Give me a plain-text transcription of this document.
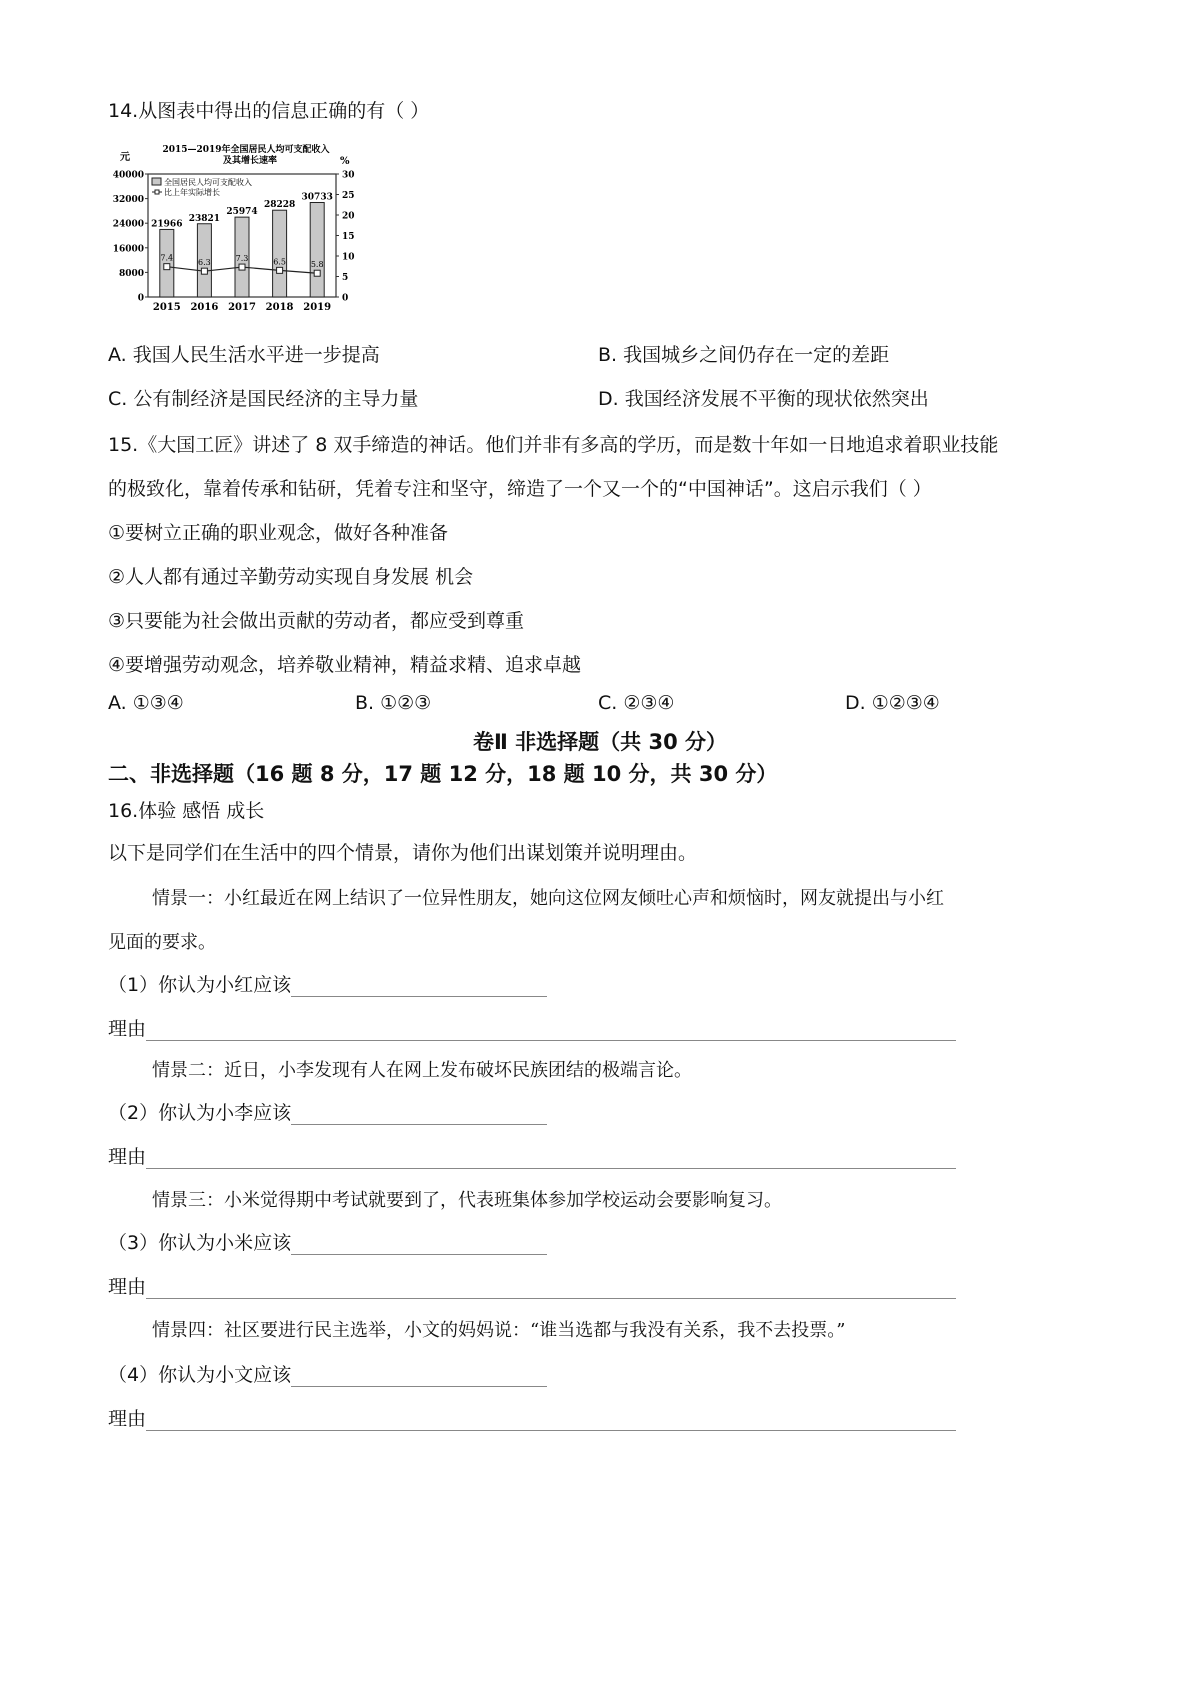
14.从图表中得出的信息正确的有（ ）
2015—2019年全国居民人均可支配收入
及其增长速率
元	%
40000
32000
24000
16000
8000
0
30
25
20
15
10
5
0
21966
2015
23821
2016
25974
2017
28228
2018
30733
2019
7.4
6.3	7.3	6.5	5.8
全国居民人均可支配收入
比上年实际增长
A. 我国人民生活水平进一步提高	B. 我国城乡之间仍存在一定的差距
C. 公有制经济是国民经济的主导力量	D. 我国经济发展不平衡的现状依然突出
15.《大国工匠》讲述了 8 双手缔造的神话。他们并非有多高的学历，而是数十年如一日地追求着职业技能
的极致化，靠着传承和钻研，凭着专注和坚守，缔造了一个又一个的“中国神话”。这启示我们（ ）
①要树立正确的职业观念，做好各种准备
②人人都有通过辛勤劳动实现自身发展 机会
③只要能为社会做出贡献的劳动者，都应受到尊重
④要增强劳动观念，培养敬业精神，精益求精、追求卓越
A. ①③④	B. ①②③	C. ②③④	D. ①②③④
卷Ⅱ 非选择题（共 30 分）
二、非选择题（16 题 8 分，17 题 12 分，18 题 10 分，共 30 分）
16.体验 感悟 成长
以下是同学们在生活中的四个情景，请你为他们出谋划策并说明理由。
情景一：小红最近在网上结识了一位异性朋友，她向这位网友倾吐心声和烦恼时，网友就提出与小红
见面的要求。
（1）你认为小红应该
理由
情景二：近日，小李发现有人在网上发布破坏民族团结的极端言论。
（2）你认为小李应该
理由
情景三：小米觉得期中考试就要到了，代表班集体参加学校运动会要影响复习。
（3）你认为小米应该
理由
情景四：社区要进行民主选举，小文的妈妈说：“谁当选都与我没有关系，我不去投票。”
（4）你认为小文应该
理由
